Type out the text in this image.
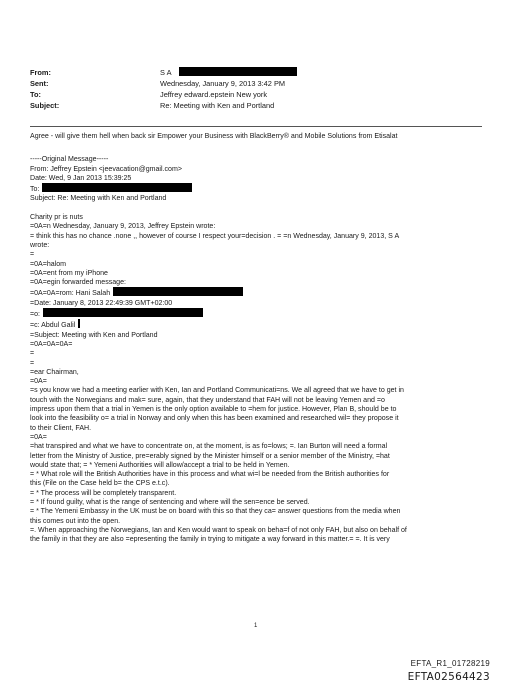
From:	S A
Sent:	Wednesday, January 9, 2013 3:42 PM
To:	Jeffrey edward.epstein New york
Subject:	Re: Meeting with Ken and Portland
Agree - will give them hell when back sir Empower your Business with BlackBerry® and Mobile Solutions from Etisalat
-----Original Message-----
From: Jeffrey Epstein <jeevacation@gmail.com>
Date: Wed, 9 Jan 2013 15:39:25
To:
Subject: Re: Meeting with Ken and Portland
Charity pr is nuts
=0A=n Wednesday, January 9, 2013, Jeffrey Epstein wrote:
= think this has no chance .none ,, however of course I respect your=decision . = =n Wednesday, January 9, 2013, S A
wrote:
=
=0A=halom
=0A=ent from my iPhone
=0A=egin forwarded message:
=0A=0A=rom: Hani Salah
=Date: January 8, 2013 22:49:39 GMT+02:00
=o:
=c: Abdul Galil
=Subject: Meeting with Ken and Portland
=0A=0A=0A=
=
=
=ear Chairman,
=0A=
=s you know we had a meeting earlier with Ken, Ian and Portland Communicati=ns. We all agreed that we have to get in
touch with the Norwegians and mak= sure, again, that they understand that FAH will not be leaving Yemen and =o
impress upon them that a trial in Yemen is the only option available to =hem for justice. However, Plan B, should be to
look into the feasibility o= a trial in Norway and only when this has been examined and researched wil= they propose it
to their Client, FAH.
=0A=
=hat transpired and what we have to concentrate on, at the moment, is as fo=lows; =. Ian Burton will need a formal
letter from the Ministry of Justice, pre=erably signed by the Minister himself or a senior member of the Ministry, =hat
would state that; = * Yemeni Authorities will allow/accept a trial to be held in Yemen.
= * What role will the British Authorities have in this process and what wi=l be needed from the British authorities for
this (File on the Case held b= the CPS e.t.c).
= * The process will be completely transparent.
= * If found guilty, what is the range of sentencing and where will the sen=ence be served.
= * The Yemeni Embassy in the UK must be on board with this so that they ca= answer questions from the media when
this comes out into the open.
=. When approaching the Norwegians, Ian and Ken would want to speak on beha=f of not only FAH, but also on behalf of
the family in that they are also =epresenting the family in trying to mitigate a way forward in this matter.= =. It is very
1
EFTA_R1_01728219
EFTA02564423
